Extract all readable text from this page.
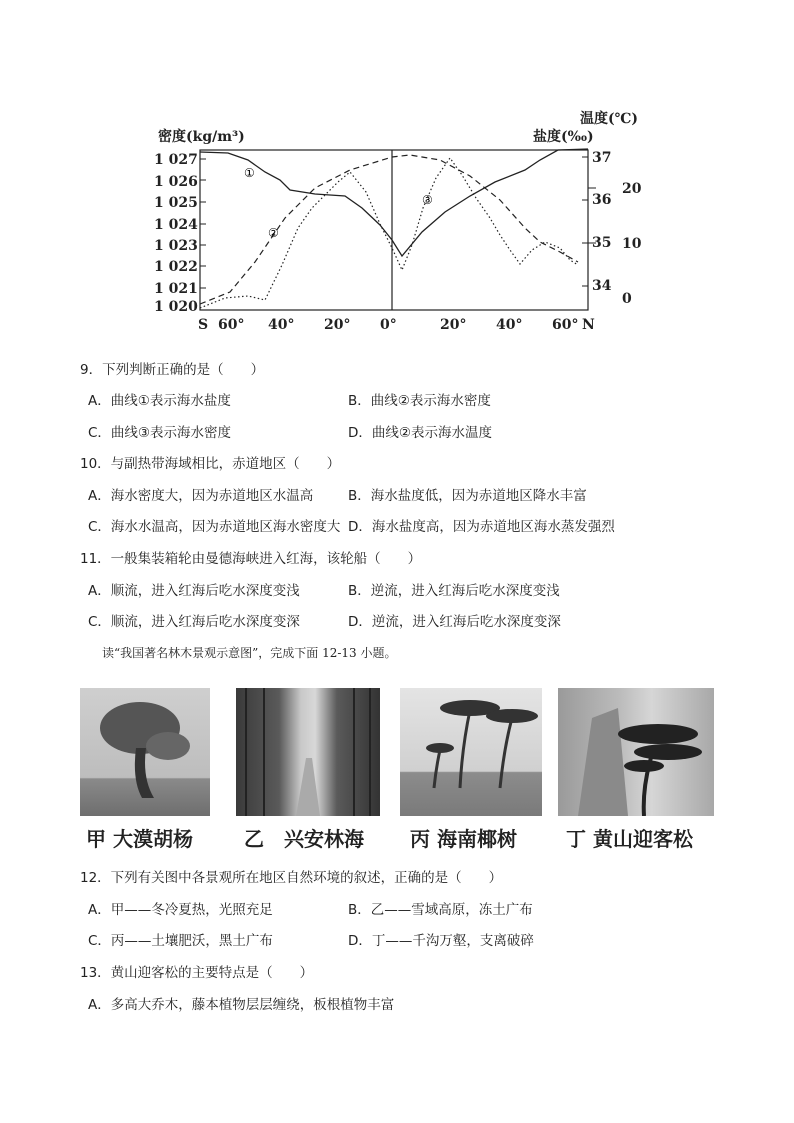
密度(kg/m³)
温度(℃)
盐度(‰)
1 027
1 026
1 025
1 024
1 023
1 022
1 021
1 020
37
36
35
34
20
10
0
S 60° 40° 20° 0°	20° 40° 60° N
①
②
③
9．下列判断正确的是（　　）
A．曲线①表示海水盐度	B．曲线②表示海水密度
C．曲线③表示海水密度	D．曲线②表示海水温度
10．与副热带海域相比，赤道地区（　　）
A．海水密度大，因为赤道地区水温高	B．海水盐度低，因为赤道地区降水丰富
C．海水水温高，因为赤道地区海水密度大 D．海水盐度高，因为赤道地区海水蒸发强烈
11．一般集装箱轮由曼德海峡进入红海，该轮船（　　）
A．顺流，进入红海后吃水深度变浅	B．逆流，进入红海后吃水深度变浅
C．顺流，进入红海后吃水深度变深	D．逆流，进入红海后吃水深度变深
读“我国著名林木景观示意图”，完成下面 12-13 小题。
甲 大漠胡杨	乙　兴安林海 丙 海南椰树 丁 黄山迎客松
12．下列有关图中各景观所在地区自然环境的叙述，正确的是（　　）
A．甲——冬冷夏热，光照充足	B．乙——雪域高原，冻土广布
C．丙——土壤肥沃，黑土广布	D．丁——千沟万壑，支离破碎
13．黄山迎客松的主要特点是（　　）
A．多高大乔木，藤本植物层层缠绕，板根植物丰富
